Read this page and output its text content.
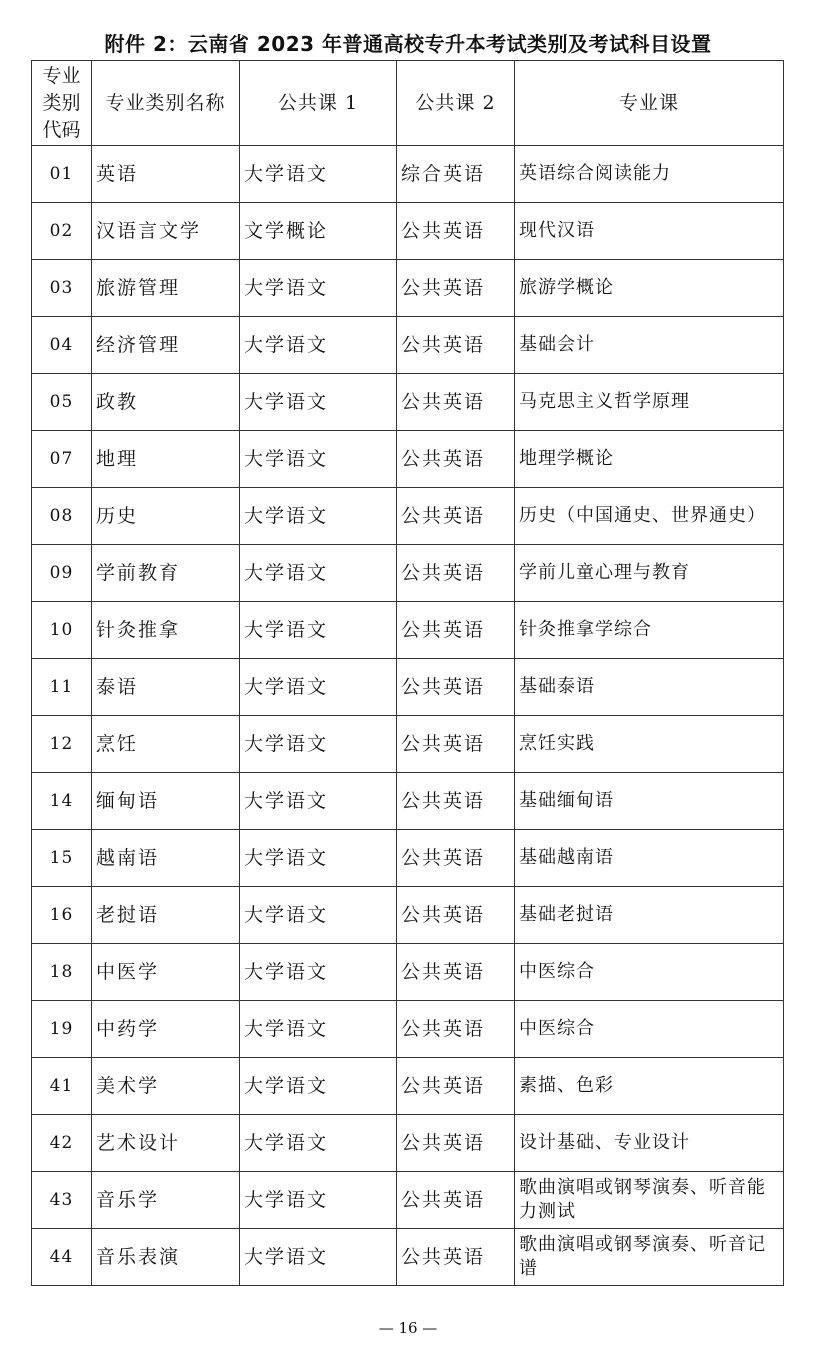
附件 2：云南省 2023 年普通高校专升本考试类别及考试科目设置
专业
类别
代码	专业类别名称	公共课 1	公共课 2	专业课
01	英语	大学语文	综合英语	英语综合阅读能力
02	汉语言文学	文学概论	公共英语	现代汉语
03	旅游管理	大学语文	公共英语	旅游学概论
04	经济管理	大学语文	公共英语	基础会计
05	政教	大学语文	公共英语	马克思主义哲学原理
07	地理	大学语文	公共英语	地理学概论
08	历史	大学语文	公共英语	历史（中国通史、世界通史）
09	学前教育	大学语文	公共英语	学前儿童心理与教育
10	针灸推拿	大学语文	公共英语	针灸推拿学综合
11	泰语	大学语文	公共英语	基础泰语
12	烹饪	大学语文	公共英语	烹饪实践
14	缅甸语	大学语文	公共英语	基础缅甸语
15	越南语	大学语文	公共英语	基础越南语
16	老挝语	大学语文	公共英语	基础老挝语
18	中医学	大学语文	公共英语	中医综合
19	中药学	大学语文	公共英语	中医综合
41	美术学	大学语文	公共英语	素描、色彩
42	艺术设计	大学语文	公共英语	设计基础、专业设计
43	音乐学	大学语文	公共英语	歌曲演唱或钢琴演奏、听音能力测试
44	音乐表演	大学语文	公共英语	歌曲演唱或钢琴演奏、听音记谱
— 16 —
